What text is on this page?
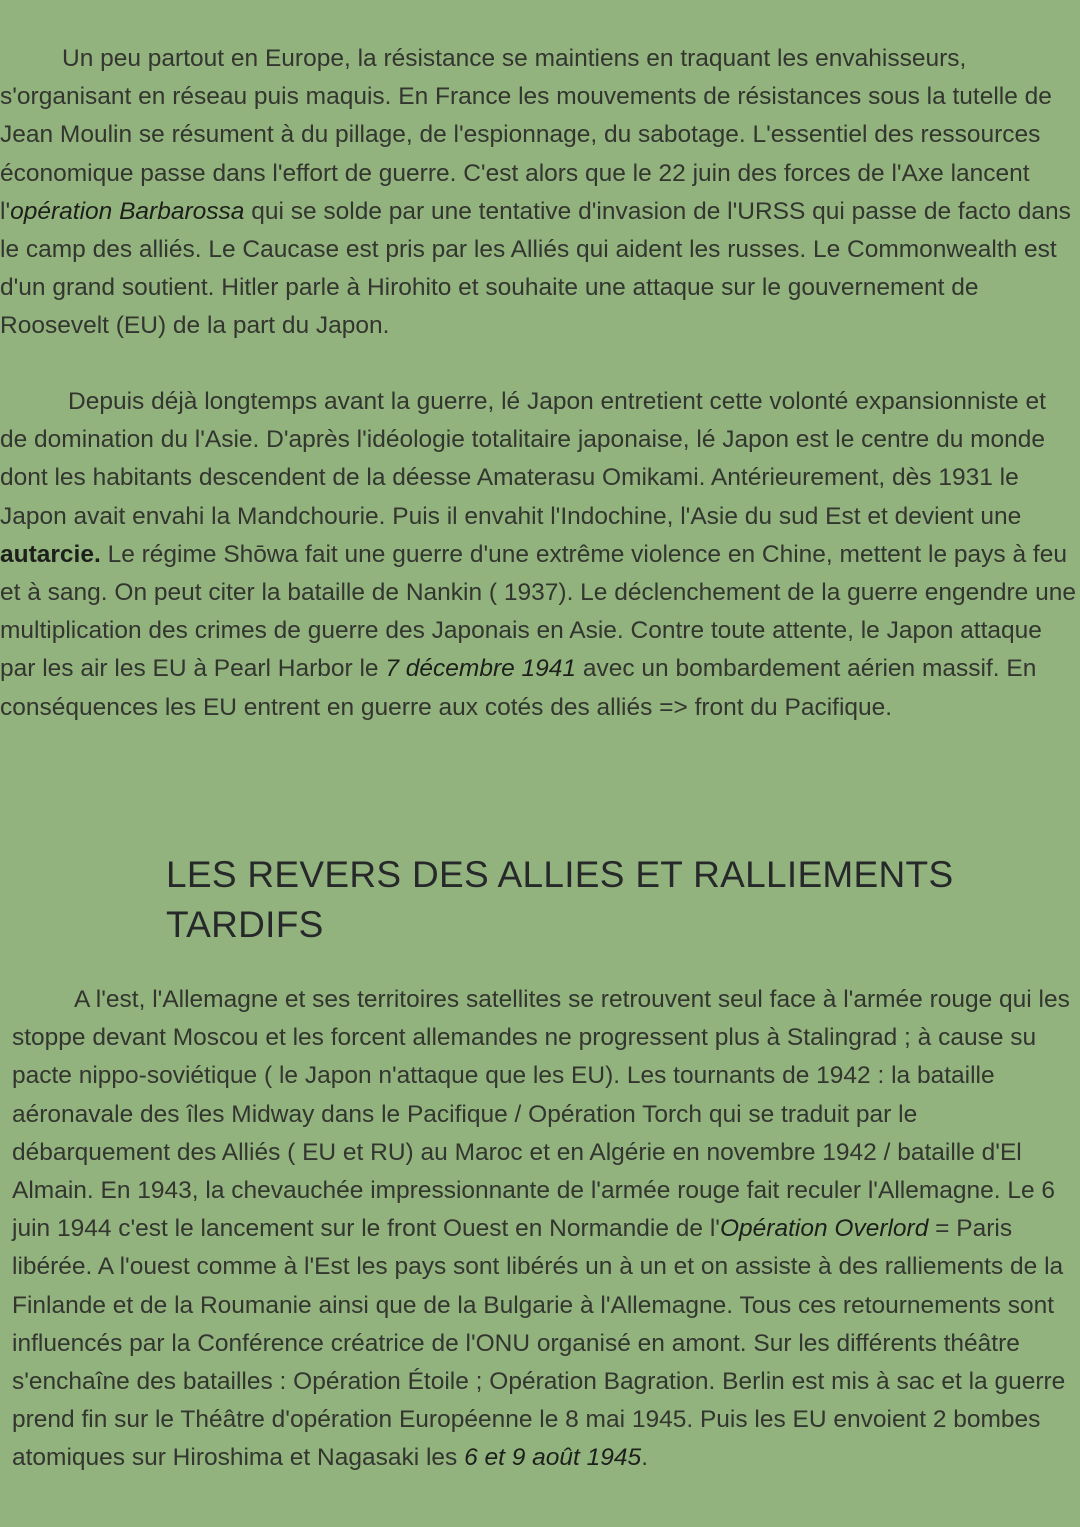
Un peu partout en Europe, la résistance se maintiens en traquant les envahisseurs, s'organisant en réseau puis maquis. En France les mouvements de résistances sous la tutelle de Jean Moulin se résument à du pillage, de l'espionnage, du sabotage. L'essentiel des ressources économique passe dans l'effort de guerre. C'est alors que le 22 juin des forces de l'Axe lancent l'opération Barbarossa qui se solde par une tentative d'invasion de l'URSS qui passe de facto dans le camp des alliés. Le Caucase est pris par les Alliés qui aident les russes. Le Commonwealth est d'un grand soutient. Hitler parle à Hirohito et souhaite une attaque sur le gouvernement de Roosevelt (EU) de la part du Japon.

Depuis déjà longtemps avant la guerre, lé Japon entretient cette volonté expansionniste et de domination du l'Asie. D'après l'idéologie totalitaire japonaise, lé Japon est le centre du monde dont les habitants descendent de la déesse Amaterasu Omikami. Antérieurement, dès 1931 le Japon avait envahi la Mandchourie. Puis il envahit l'Indochine, l'Asie du sud Est et devient une autarcie. Le régime Shōwa fait une guerre d'une extrême violence en Chine, mettent le pays à feu et à sang. On peut citer la bataille de Nankin ( 1937). Le déclenchement de la guerre engendre une multiplication des crimes de guerre des Japonais en Asie. Contre toute attente, le Japon attaque par les air les EU à Pearl Harbor le 7 décembre 1941 avec un bombardement aérien massif. En conséquences les EU entrent en guerre aux cotés des alliés => front du Pacifique.

LES REVERS DES ALLIES ET RALLIEMENTS TARDIFS

A l'est, l'Allemagne et ses territoires satellites se retrouvent seul face à l'armée rouge qui les stoppe devant Moscou et les forcent allemandes ne progressent plus à Stalingrad ; à cause su pacte nippo-soviétique ( le Japon n'attaque que les EU). Les tournants de 1942 : la bataille aéronavale des îles Midway dans le Pacifique / Opération Torch qui se traduit par le débarquement des Alliés ( EU et RU) au Maroc et en Algérie en novembre 1942 / bataille d'El Almain. En 1943, la chevauchée impressionnante de l'armée rouge fait reculer l'Allemagne. Le 6 juin 1944 c'est le lancement sur le front Ouest en Normandie de l'Opération Overlord = Paris libérée. A l'ouest comme à l'Est les pays sont libérés un à un et on assiste à des ralliements de la Finlande et de la Roumanie ainsi que de la Bulgarie à l'Allemagne. Tous ces retournements sont influencés par la Conférence créatrice de l'ONU organisé en amont. Sur les différents théâtre s'enchaîne des batailles : Opération Étoile ; Opération Bagration. Berlin est mis à sac et la guerre prend fin sur le Théâtre d'opération Européenne le 8 mai 1945. Puis les EU envoient 2 bombes atomiques sur Hiroshima et Nagasaki les 6 et 9 août 1945.
